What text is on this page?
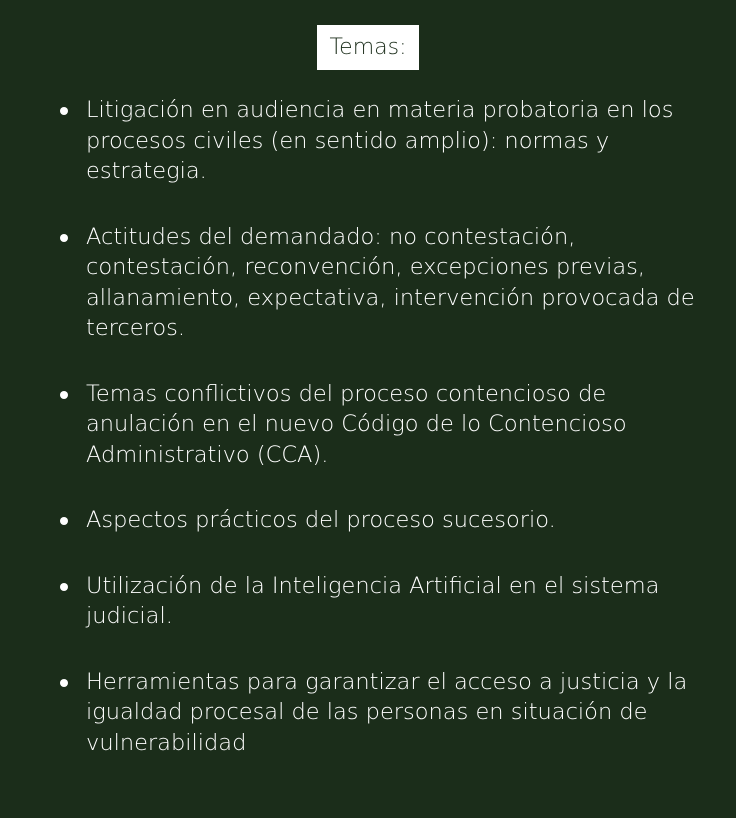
Temas:
Litigación en audiencia en materia probatoria en los procesos civiles (en sentido amplio): normas y estrategia.
Actitudes del demandado: no contestación, contestación, reconvención, excepciones previas, allanamiento, expectativa, intervención provocada de terceros.
Temas conflictivos del proceso contencioso de anulación en el nuevo Código de lo Contencioso Administrativo (CCA).
Aspectos prácticos del proceso sucesorio.
Utilización de la Inteligencia Artificial en el sistema judicial.
Herramientas para garantizar el acceso a justicia y la igualdad procesal de las personas en situación de vulnerabilidad
